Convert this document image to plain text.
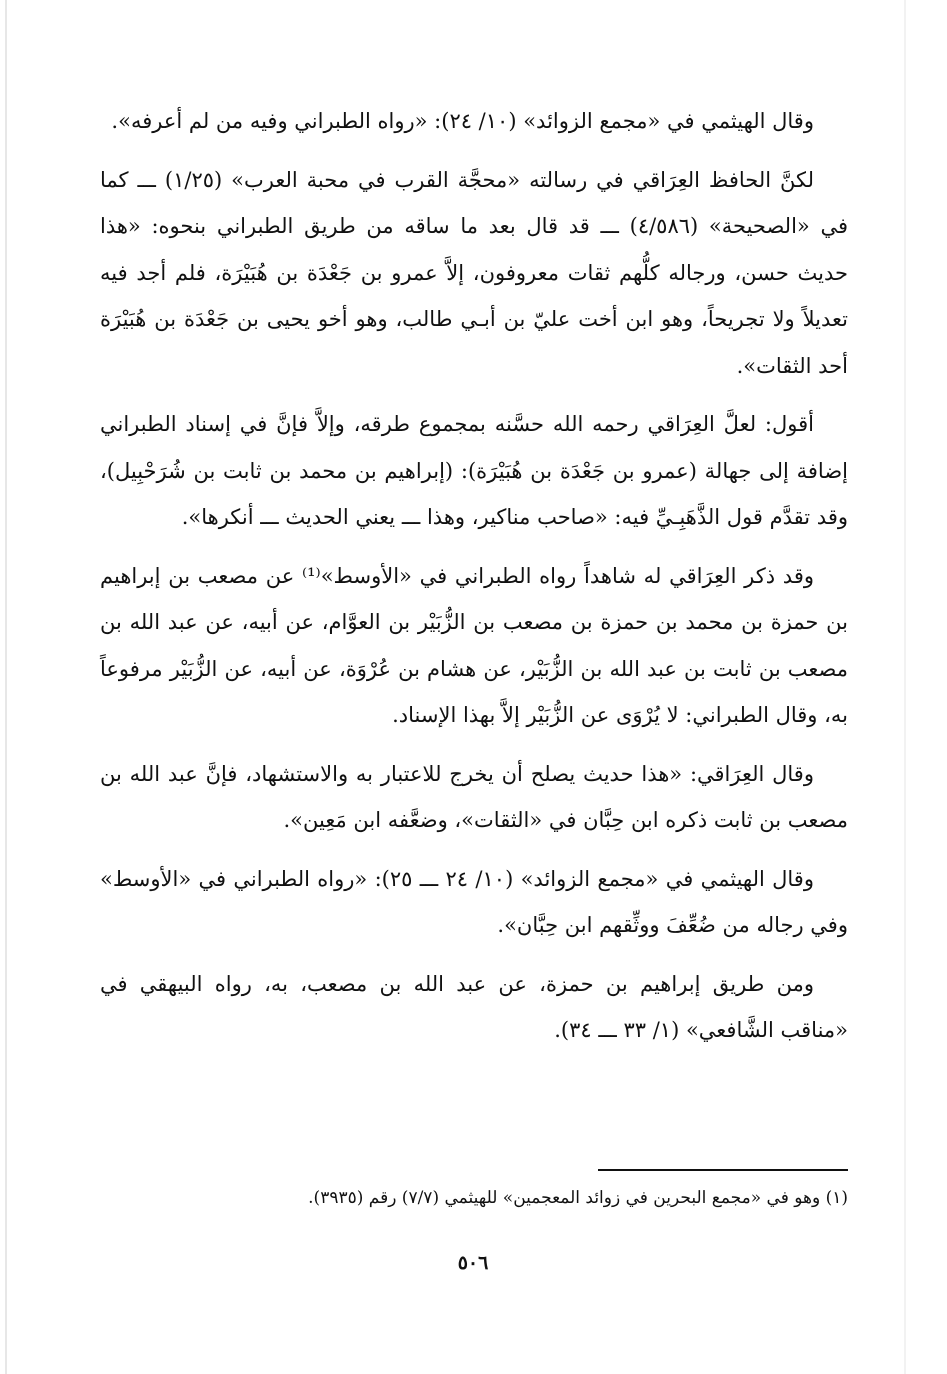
وقال الهيثمي في «مجمع الزوائد» (١٠/ ٢٤): «رواه الطبراني وفيه من لم أعرفه».

لكنَّ الحافظ العِرَاقي في رسالته «محجَّة القرب في محبة العرب» (١/٢٥) ـــ كما في «الصحيحة» (٤/٥٨٦) ـــ قد قال بعد ما ساقه من طريق الطبراني بنحوه: «هذا حديث حسن، ورجاله كلُّهم ثقات معروفون، إلاَّ عمرو بن جَعْدَة بن هُبَيْرَة، فلم أجد فيه تعديلاً ولا تجريحاً، وهو ابن أخت عليّ بن أبـي طالب، وهو أخو يحيى بن جَعْدَة بن هُبَيْرَة أحد الثقات».

أقول: لعلَّ العِرَاقي رحمه الله حسَّنه بمجموع طرقه، وإلاَّ فإنَّ في إسناد الطبراني إضافة إلى جهالة (عمرو بن جَعْدَة بن هُبَيْرَة): (إبراهيم بن محمد بن ثابت بن شُرَحْبِيل)، وقد تقدَّم قول الذَّهَبِـيِّ فيه: «صاحب مناكير، وهذا ـــ يعني الحديث ـــ أنكرها».

وقد ذكر العِرَاقي له شاهداً رواه الطبراني في «الأوسط»⁽¹⁾ عن مصعب بن إبراهيم بن حمزة بن محمد بن حمزة بن مصعب بن الزُّبَيْر بن العوَّام، عن أبيه، عن عبد الله بن مصعب بن ثابت بن عبد الله بن الزُّبَيْر، عن هشام بن عُرْوَة، عن أبيه، عن الزُّبَيْر مرفوعاً به، وقال الطبراني: لا يُرْوَى عن الزُّبَيْر إلاَّ بهذا الإسناد.

وقال العِرَاقي: «هذا حديث يصلح أن يخرج للاعتبار به والاستشهاد، فإنَّ عبد الله بن مصعب بن ثابت ذكره ابن حِبَّان في «الثقات»، وضعَّفه ابن مَعِين».

وقال الهيثمي في «مجمع الزوائد» (١٠/ ٢٤ ـــ ٢٥): «رواه الطبراني في «الأوسط» وفي رجاله من ضُعِّفَ ووثِّقهم ابن حِبَّان».

ومن طريق إبراهيم بن حمزة، عن عبد الله بن مصعب، به، رواه البيهقي في «مناقب الشَّافعي» (١/ ٣٣ ـــ ٣٤).

(١) وهو في «مجمع البحرين في زوائد المعجمين» للهيثمي (٧/٧) رقم (٣٩٣٥).
٥٠٦
